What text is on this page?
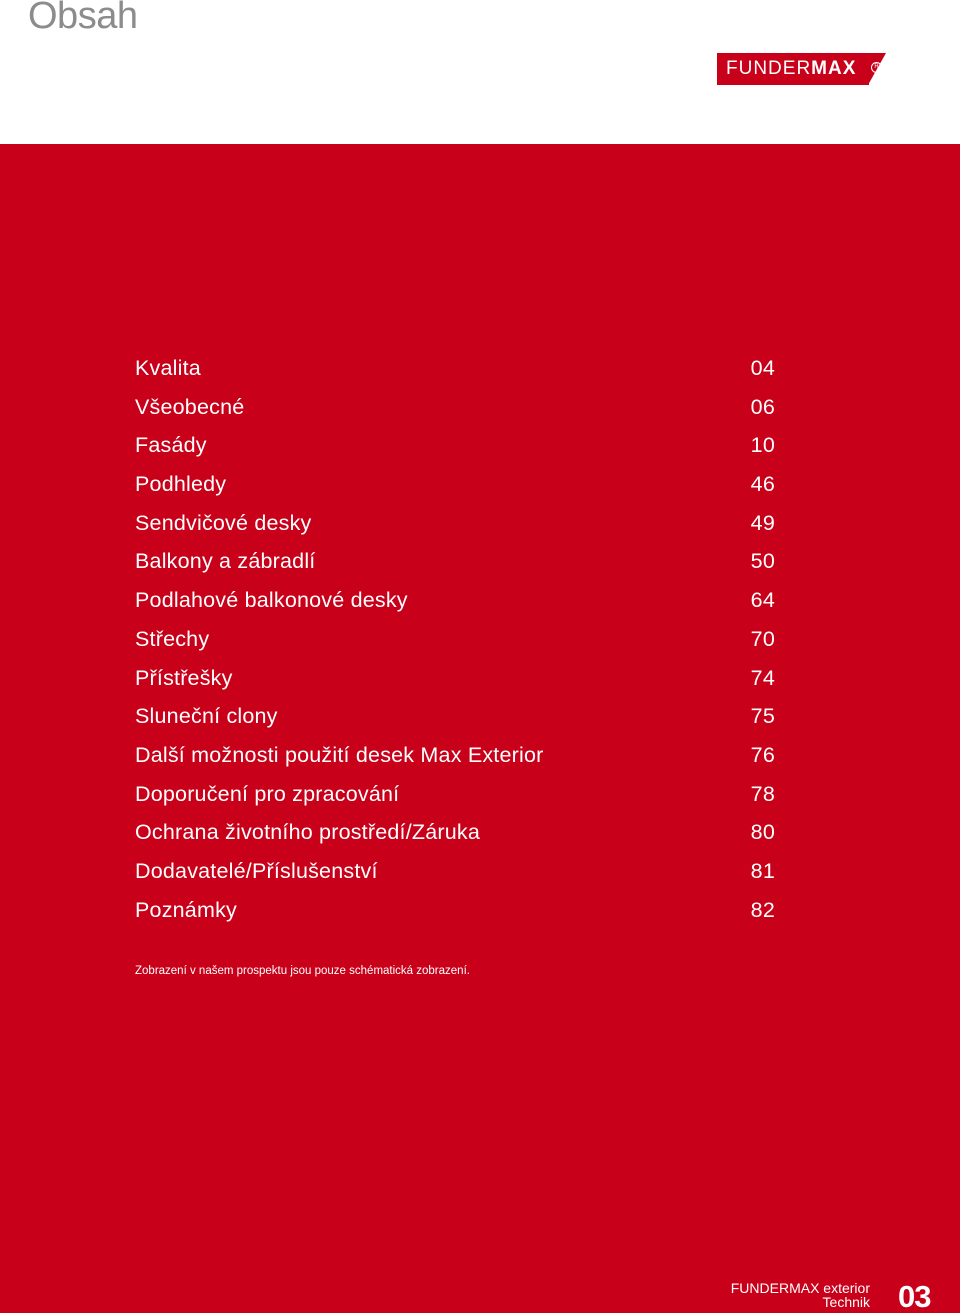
Obsah
FUNDER MAX	R
Kvalita	04
Všeobecné	06
Fasády	10
Podhledy	46
Sendvičové desky	49
Balkony a zábradlí	50
Podlahové balkonové desky	64
Střechy	70
Přístřešky	74
Sluneční clony	75
Další možnosti použití desek Max Exterior	76
Doporučení pro zpracování	78
Ochrana životního prostředí/Záruka	80
Dodavatelé/Příslušenství	81
Poznámky	82

Zobrazení v našem prospektu jsou pouze schématická zobrazení.

FUNDERMAX exterior
Technik 03
